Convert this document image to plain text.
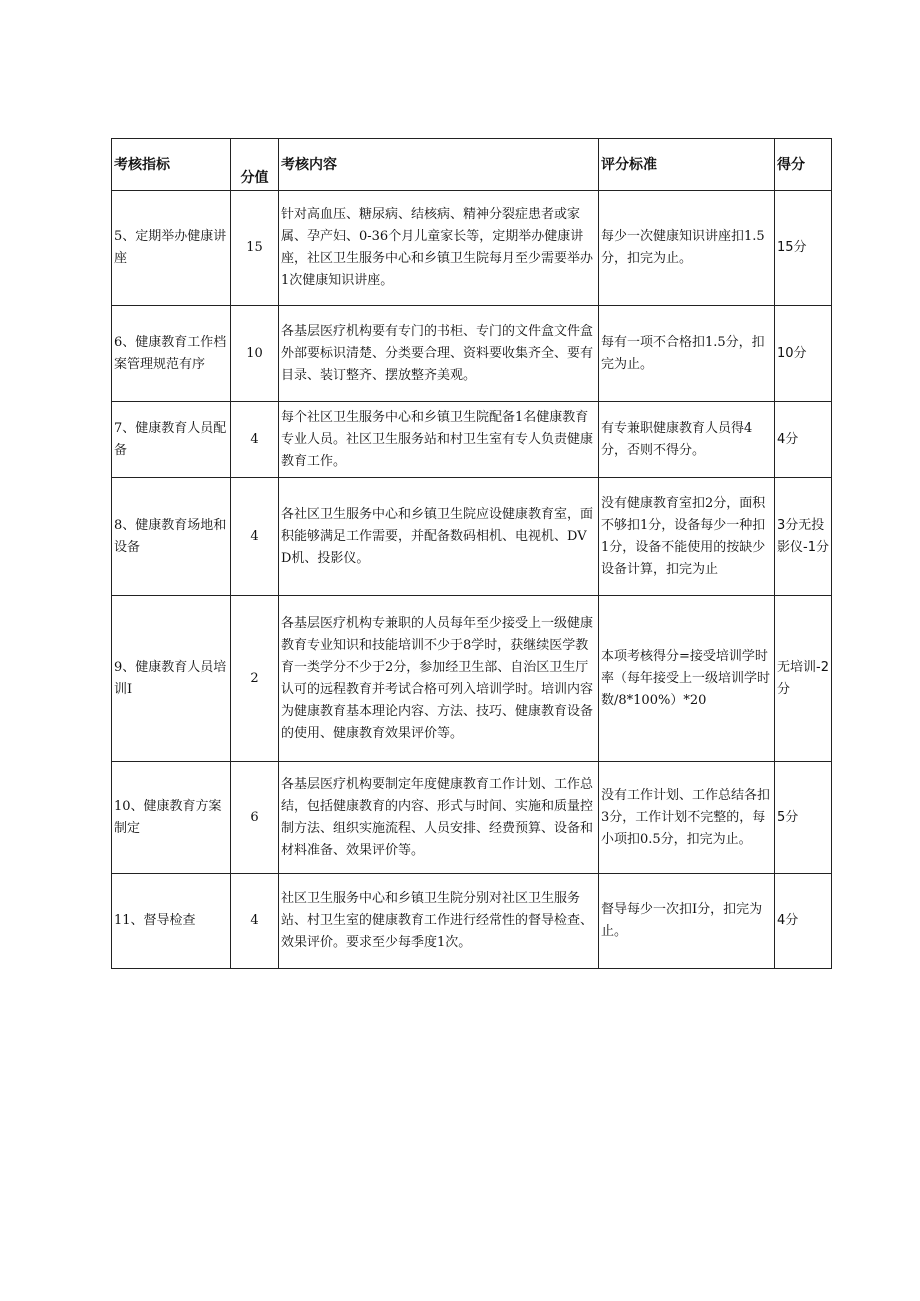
考核指标	分值	考核内容	评分标准	得分
5、定期举办健康讲座	15	针对高血压、糖尿病、结核病、精神分裂症患者或家属、孕产妇、0-36个月儿童家长等，定期举办健康讲座，社区卫生服务中心和乡镇卫生院每月至少需要举办1次健康知识讲座。	每少一次健康知识讲座扣1.5分，扣完为止。	15分
6、健康教育工作档案管理规范有序	10	各基层医疗机构要有专门的书柜、专门的文件盒文件盒外部要标识清楚、分类要合理、资料要收集齐全、要有目录、装订整齐、摆放整齐美观。	每有一项不合格扣1.5分，扣完为止。	10分
7、健康教育人员配备	4	每个社区卫生服务中心和乡镇卫生院配备1名健康教育专业人员。社区卫生服务站和村卫生室有专人负责健康教育工作。	有专兼职健康教育人员得4分，否则不得分。	4分
8、健康教育场地和设备	4	各社区卫生服务中心和乡镇卫生院应设健康教育室，面积能够满足工作需要，并配备数码相机、电视机、DVD机、投影仪。	没有健康教育室扣2分，面积不够扣1分，设备每少一种扣1分，设备不能使用的按缺少设备计算，扣完为止	3分无投影仪-1分
9、健康教育人员培训I	2	各基层医疗机构专兼职的人员每年至少接受上一级健康教育专业知识和技能培训不少于8学时，获继续医学教育一类学分不少于2分，参加经卫生部、自治区卫生厅认可的远程教育并考试合格可列入培训学时。培训内容为健康教育基本理论内容、方法、技巧、健康教育设备的使用、健康教育效果评价等。	本项考核得分=接受培训学时率（每年接受上一级培训学时数/8*100%）*20	无培训-2分
10、健康教育方案制定	6	各基层医疗机构要制定年度健康教育工作计划、工作总结，包括健康教育的内容、形式与时间、实施和质量控制方法、组织实施流程、人员安排、经费预算、设备和材料准备、效果评价等。	没有工作计划、工作总结各扣3分，工作计划不完整的，每小项扣0.5分，扣完为止。	5分
11、督导检查	4	社区卫生服务中心和乡镇卫生院分别对社区卫生服务站、村卫生室的健康教育工作进行经常性的督导检查、效果评价。要求至少每季度1次。	督导每少一次扣I分，扣完为止。	4分
